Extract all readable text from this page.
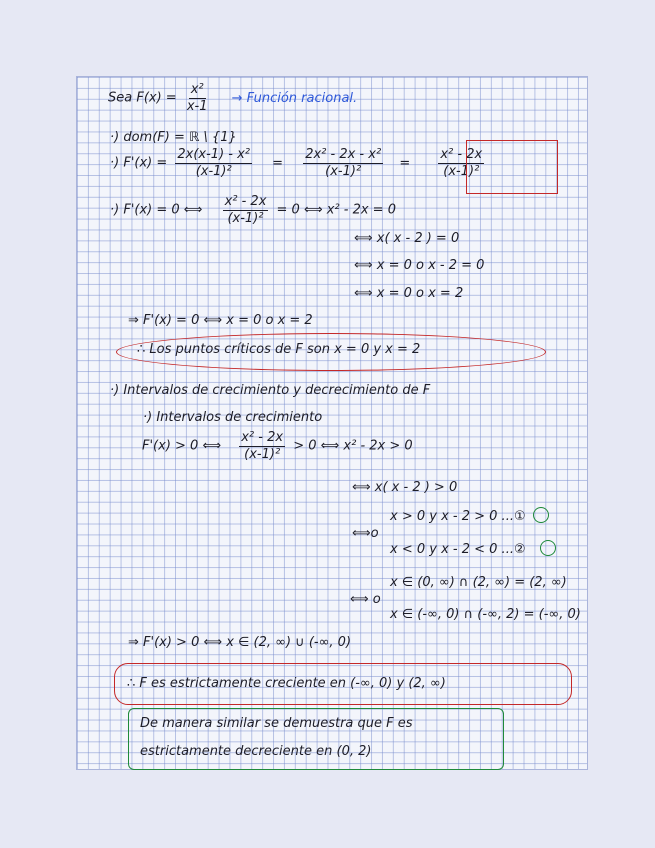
Sea $F(x) = \frac{\text{x²}}{x-1}$ → Función racional.
·) dom(F) = ℝ \ {1}
·) $F'(x) = \frac{\text{2x(x-1) - x²}}{\text{(x-1)²}} = \frac{\text{2x² - 2x - x²}}{\text{(x-1)²}} = \frac{\text{x² - 2x}}{\text{(x-1)²}}$
·) F'(x) = 0 ⟺ $\frac{\text{x² - 2x}}{\text{(x-1)²}} = 0$ ⟺ x² - 2x = 0
⟺ x( x - 2 ) = 0
⟺ x = 0 o x - 2 = 0
⟺ x = 0 o x = 2
⇒ F'(x) = 0 ⟺ x = 0 o x = 2
∴ Los puntos críticos de F son x = 0 y x = 2
·) Intervalos de crecimiento y decrecimiento de F
·) Intervalos de crecimiento
F'(x) > 0 ⟺ $\frac{\text{x² - 2x}}{\text{(x-1)²}} > 0$ ⟺ x² - 2x > 0
⟺ x( x - 2 ) > 0
x > 0 y x - 2 > 0 ...①
⟺o
x < 0 y x - 2 < 0 ...②
x ∈ (0, ∞) ∩ (2, ∞) = (2, ∞)
⟺ o
x ∈ (-∞, 0) ∩ (-∞, 2) = (-∞, 0)
⇒ F'(x) > 0 ⟺ x ∈ (2, ∞) ∪ (-∞, 0)
∴ F es estrictamente creciente en (-∞, 0) y (2, ∞)
De manera similar se demuestra que F es
estrictamente decreciente en (0, 2)
